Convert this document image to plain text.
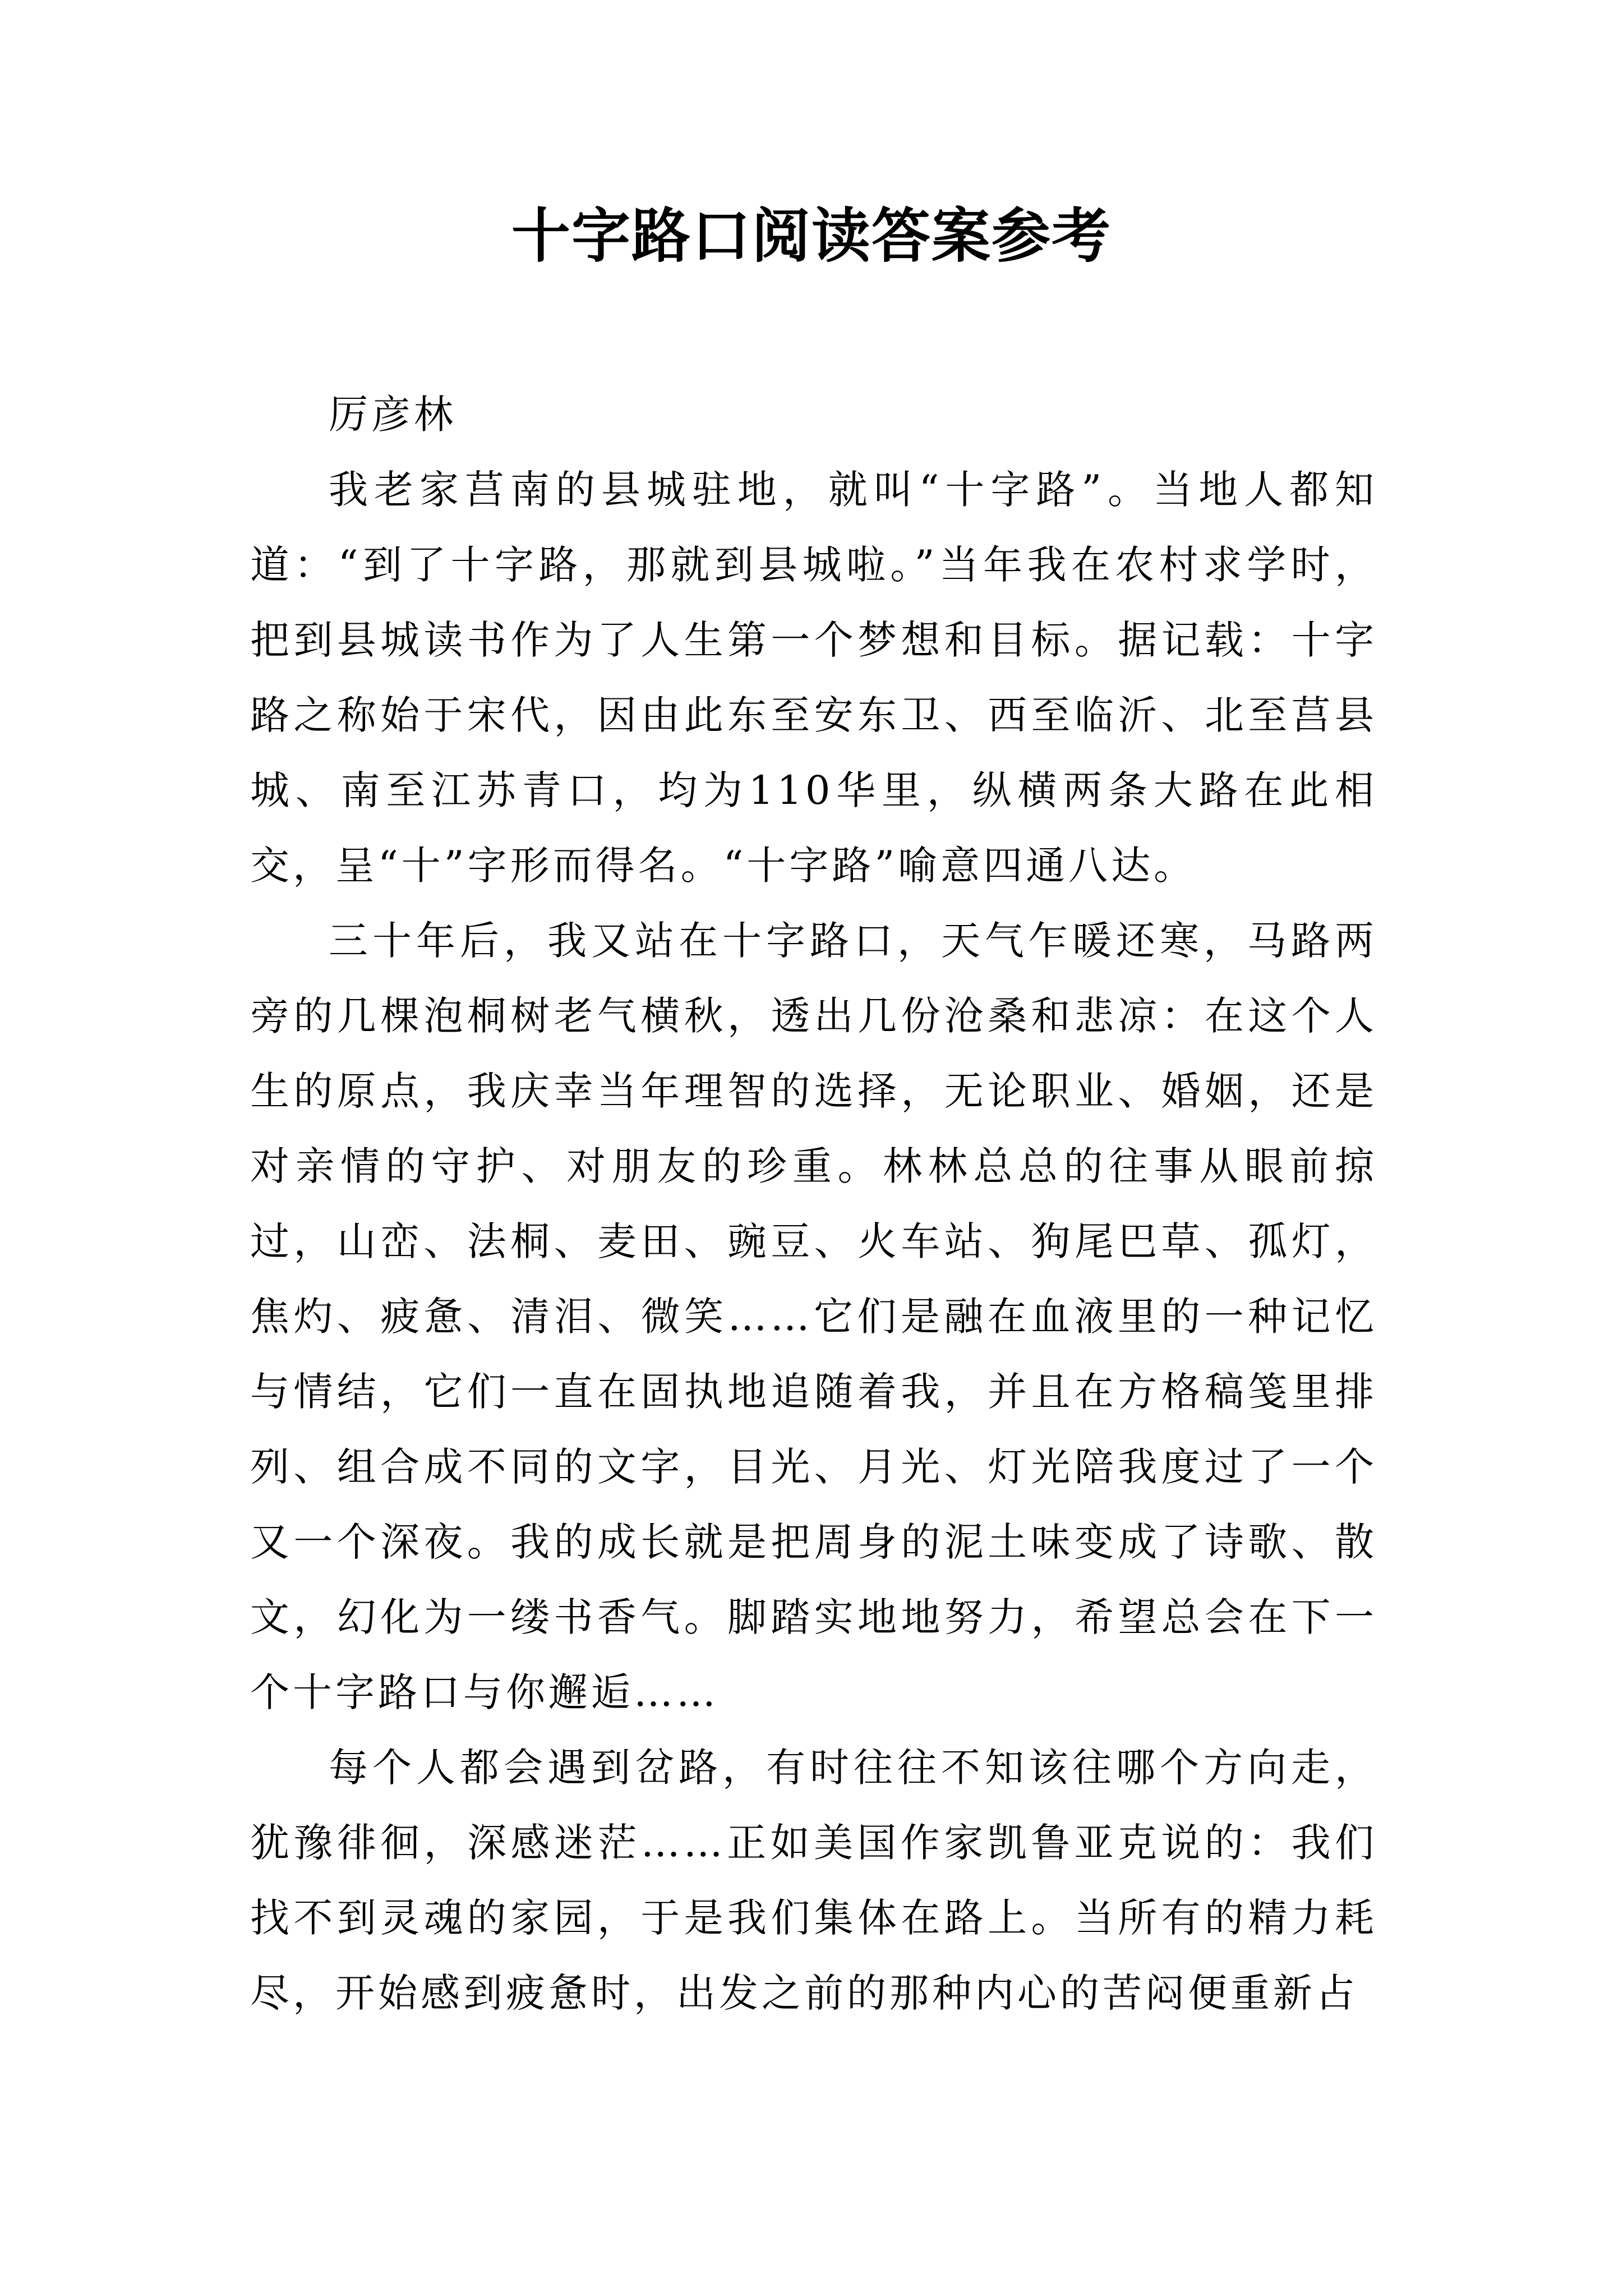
十字路口阅读答案参考

厉彦林

我老家莒南的县城驻地，就叫“十字路”。当地人都知道：“到了十字路，那就到县城啦。”当年我在农村求学时，把到县城读书作为了人生第一个梦想和目标。据记载：十字路之称始于宋代，因由此东至安东卫、西至临沂、北至莒县城、南至江苏青口，均为110华里，纵横两条大路在此相交，呈“十”字形而得名。“十字路”喻意四通八达。

三十年后，我又站在十字路口，天气乍暖还寒，马路两旁的几棵泡桐树老气横秋，透出几份沧桑和悲凉：在这个人生的原点，我庆幸当年理智的选择，无论职业、婚姻，还是对亲情的守护、对朋友的珍重。林林总总的往事从眼前掠过，山峦、法桐、麦田、豌豆、火车站、狗尾巴草、孤灯，焦灼、疲惫、清泪、微笑……它们是融在血液里的一种记忆与情结，它们一直在固执地追随着我，并且在方格稿笺里排列、组合成不同的文字，目光、月光、灯光陪我度过了一个又一个深夜。我的成长就是把周身的泥土味变成了诗歌、散文，幻化为一缕书香气。脚踏实地地努力，希望总会在下一个十字路口与你邂逅……

每个人都会遇到岔路，有时往往不知该往哪个方向走，犹豫徘徊，深感迷茫……正如美国作家凯鲁亚克说的：我们找不到灵魂的家园，于是我们集体在路上。当所有的精力耗尽，开始感到疲惫时，出发之前的那种内心的苦闷便重新占
